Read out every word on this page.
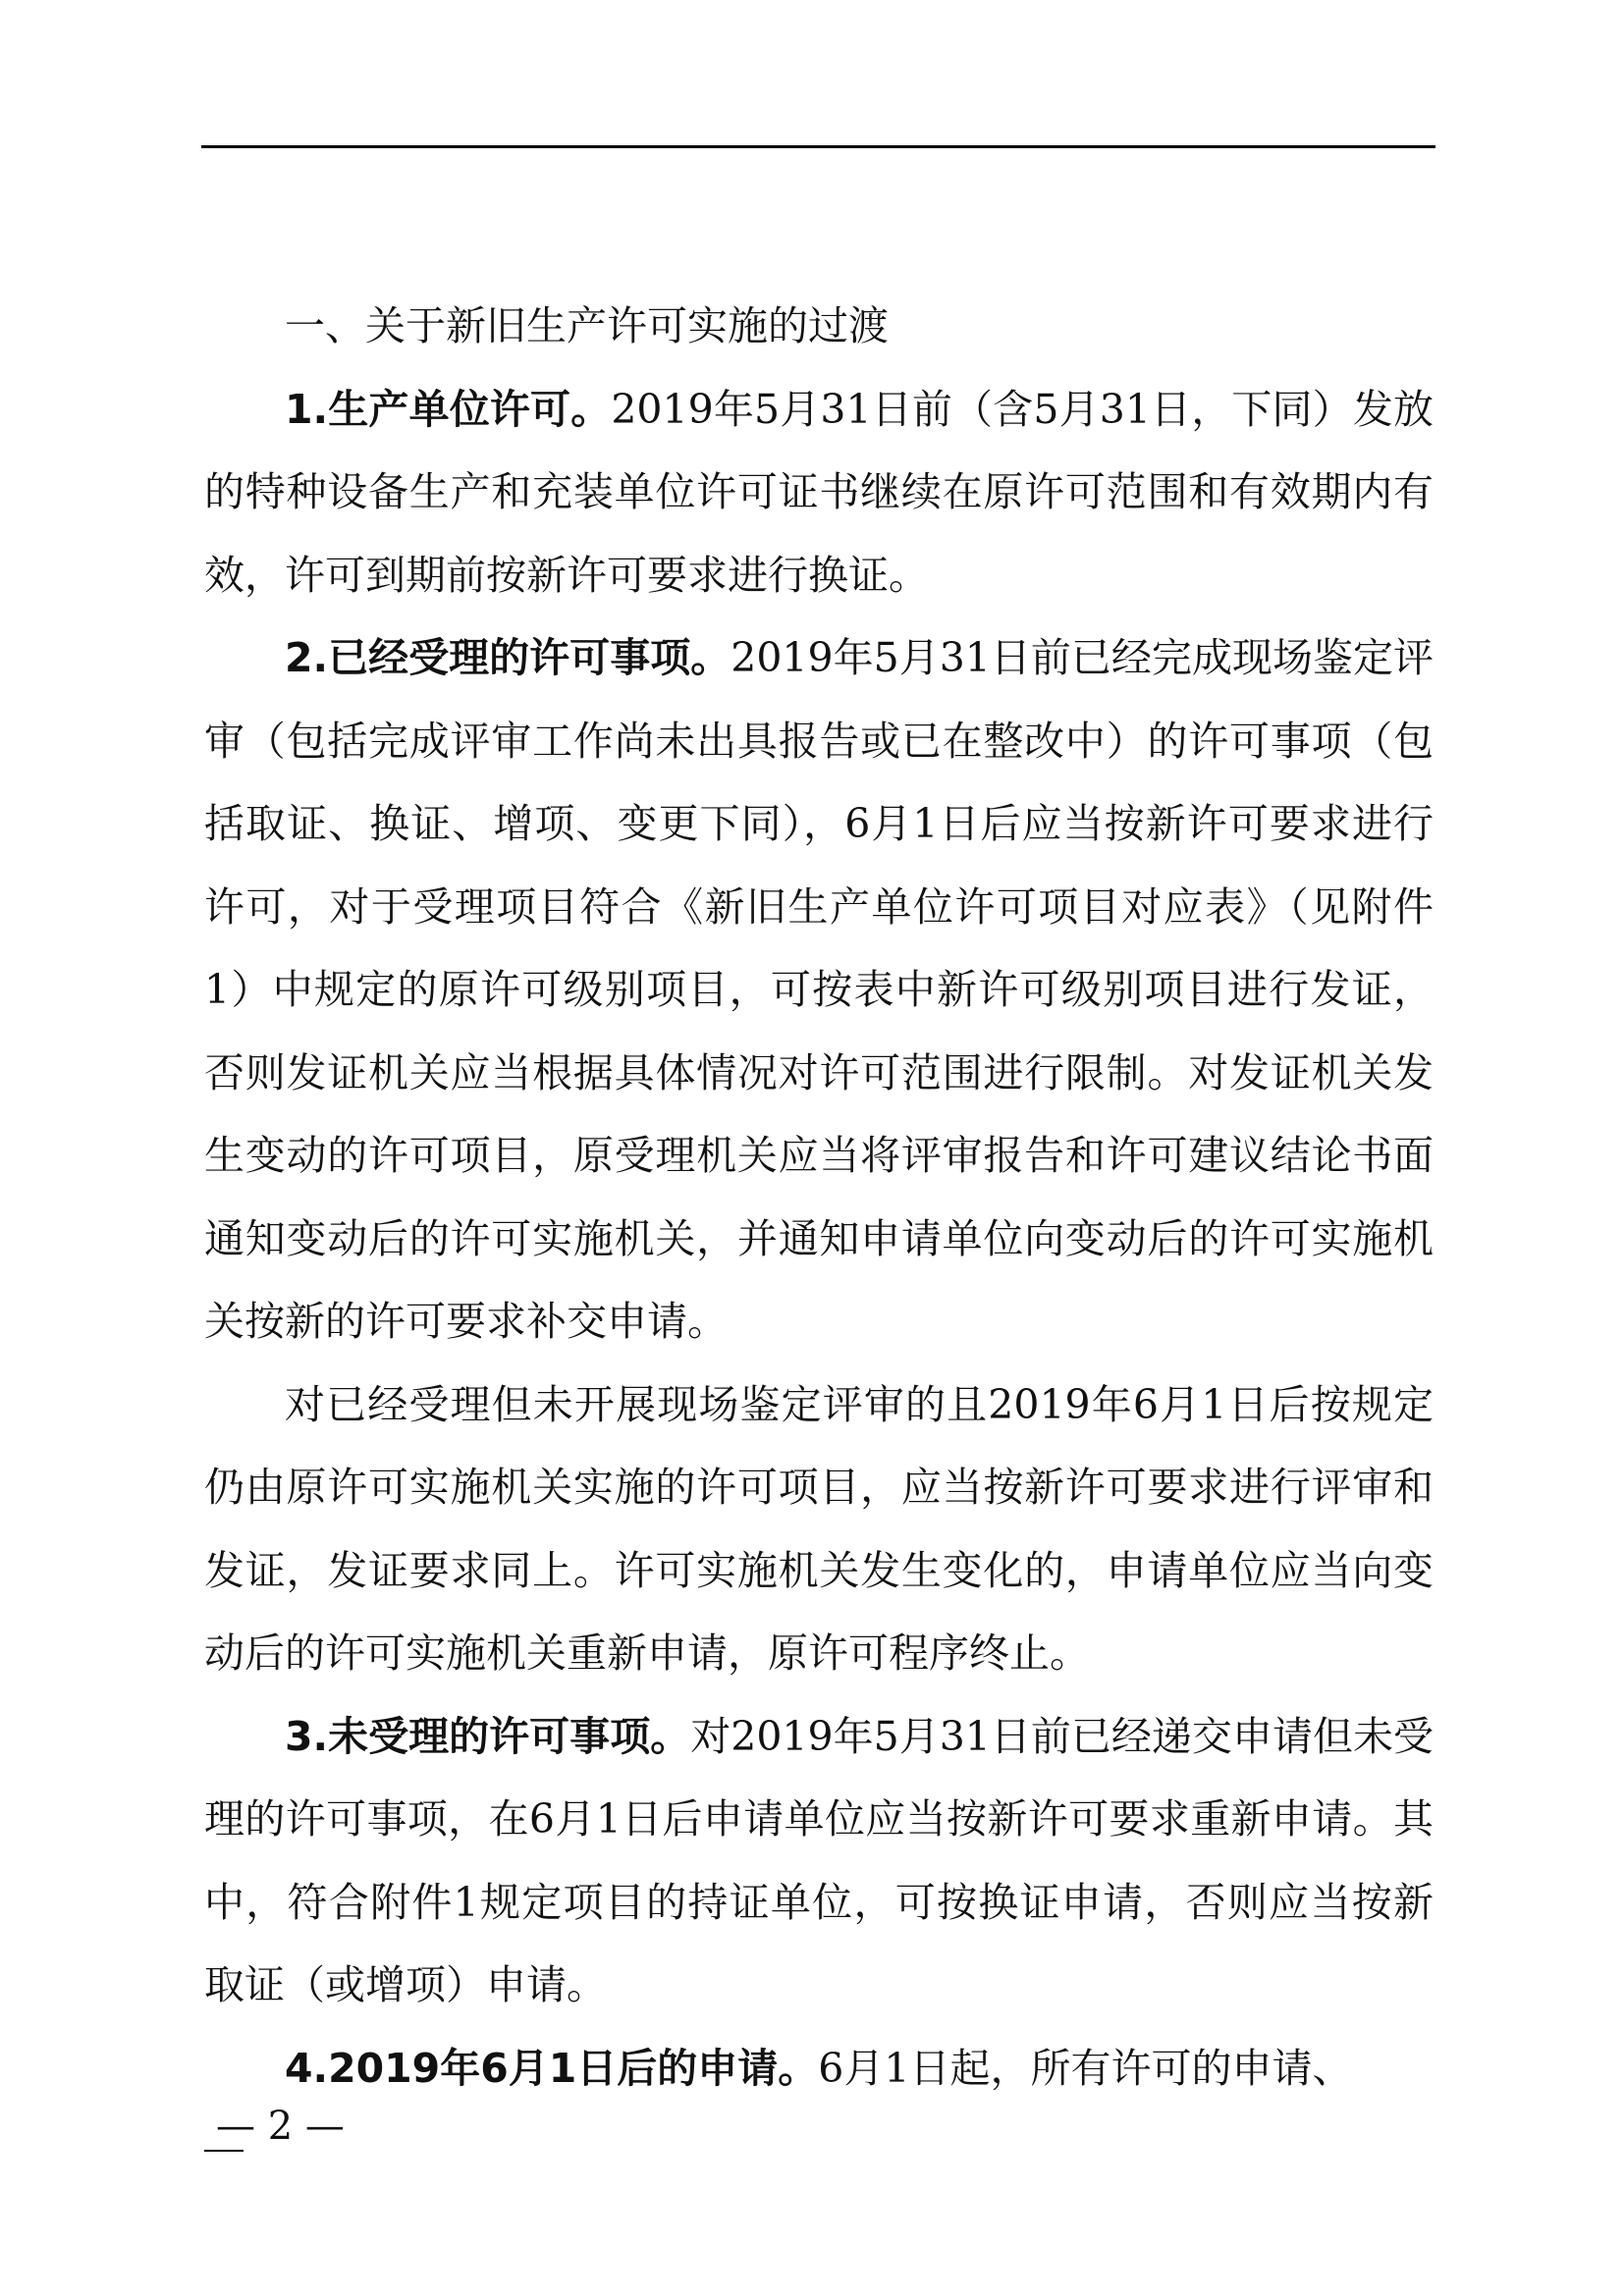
一、关于新旧生产许可实施的过渡

1.生产单位许可。2019年5月31日前（含5月31日，下同）发放的特种设备生产和充装单位许可证书继续在原许可范围和有效期内有效，许可到期前按新许可要求进行换证。

2.已经受理的许可事项。2019年5月31日前已经完成现场鉴定评审（包括完成评审工作尚未出具报告或已在整改中）的许可事项（包括取证、换证、增项、变更下同），6月1日后应当按新许可要求进行许可，对于受理项目符合《新旧生产单位许可项目对应表》（见附件1）中规定的原许可级别项目，可按表中新许可级别项目进行发证，否则发证机关应当根据具体情况对许可范围进行限制。对发证机关发生变动的许可项目，原受理机关应当将评审报告和许可建议结论书面通知变动后的许可实施机关，并通知申请单位向变动后的许可实施机关按新的许可要求补交申请。

对已经受理但未开展现场鉴定评审的且2019年6月1日后按规定仍由原许可实施机关实施的许可项目，应当按新许可要求进行评审和发证，发证要求同上。许可实施机关发生变化的，申请单位应当向变动后的许可实施机关重新申请，原许可程序终止。

3.未受理的许可事项。对2019年5月31日前已经递交申请但未受理的许可事项，在6月1日后申请单位应当按新许可要求重新申请。其中，符合附件1规定项目的持证单位，可按换证申请，否则应当按新取证（或增项）申请。

4.2019年6月1日后的申请。6月1日起，所有许可的申请、

— 2 —
